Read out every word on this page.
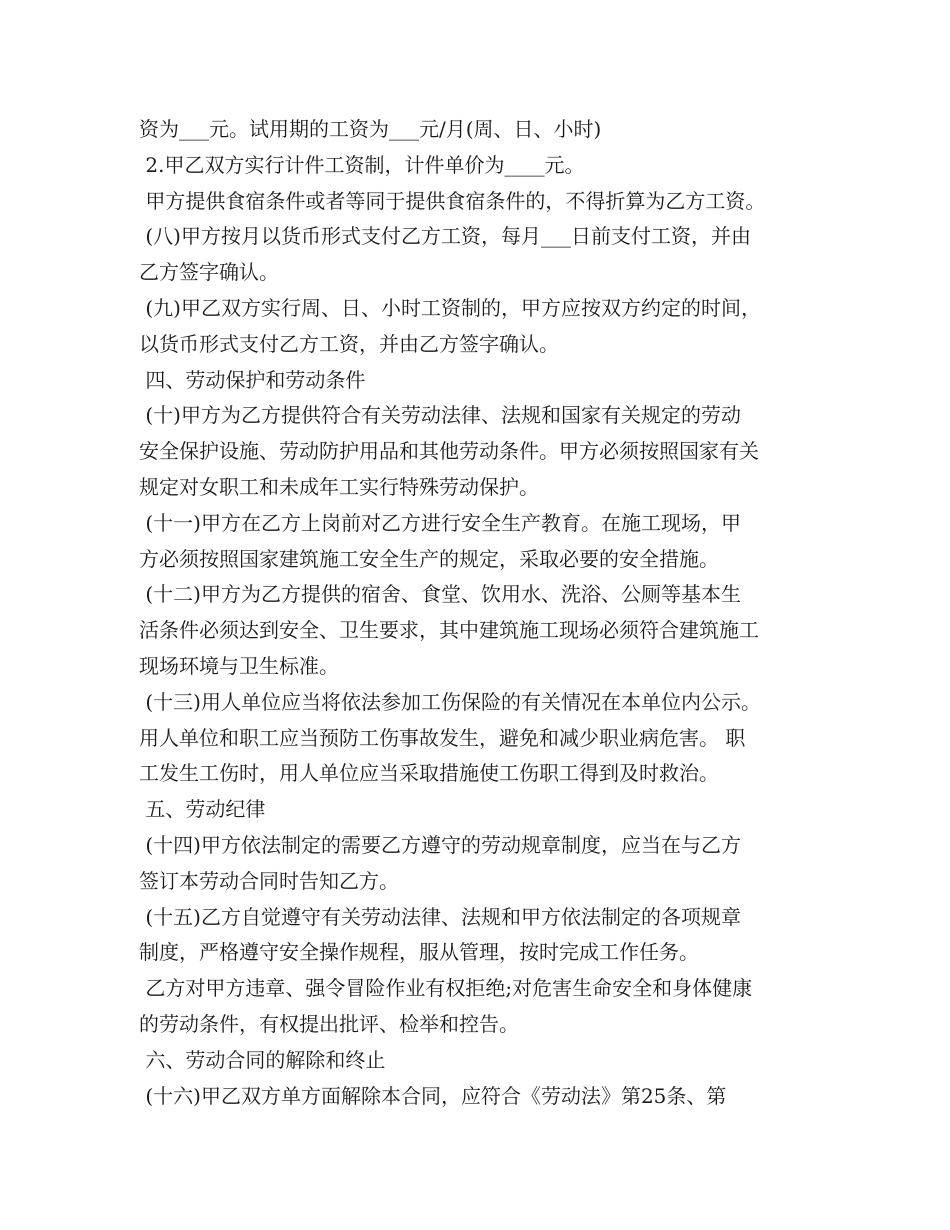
资为___元。试用期的工资为___元/月(周、日、小时)
2.甲乙双方实行计件工资制，计件单价为____元。
甲方提供食宿条件或者等同于提供食宿条件的，不得折算为乙方工资。
(八)甲方按月以货币形式支付乙方工资，每月___日前支付工资，并由
乙方签字确认。
(九)甲乙双方实行周、日、小时工资制的，甲方应按双方约定的时间，
以货币形式支付乙方工资，并由乙方签字确认。
四、劳动保护和劳动条件
(十)甲方为乙方提供符合有关劳动法律、法规和国家有关规定的劳动
安全保护设施、劳动防护用品和其他劳动条件。甲方必须按照国家有关
规定对女职工和未成年工实行特殊劳动保护。
(十一)甲方在乙方上岗前对乙方进行安全生产教育。在施工现场，甲
方必须按照国家建筑施工安全生产的规定，采取必要的安全措施。
(十二)甲方为乙方提供的宿舍、食堂、饮用水、洗浴、公厕等基本生
活条件必须达到安全、卫生要求，其中建筑施工现场必须符合建筑施工
现场环境与卫生标准。
(十三)用人单位应当将依法参加工伤保险的有关情况在本单位内公示。
用人单位和职工应当预防工伤事故发生，避免和减少职业病危害。 职
工发生工伤时，用人单位应当采取措施使工伤职工得到及时救治。
五、劳动纪律
(十四)甲方依法制定的需要乙方遵守的劳动规章制度，应当在与乙方
签订本劳动合同时告知乙方。
(十五)乙方自觉遵守有关劳动法律、法规和甲方依法制定的各项规章
制度，严格遵守安全操作规程，服从管理，按时完成工作任务。
乙方对甲方违章、强令冒险作业有权拒绝;对危害生命安全和身体健康
的劳动条件，有权提出批评、检举和控告。
六、劳动合同的解除和终止
(十六)甲乙双方单方面解除本合同，应符合《劳动法》第25条、第
